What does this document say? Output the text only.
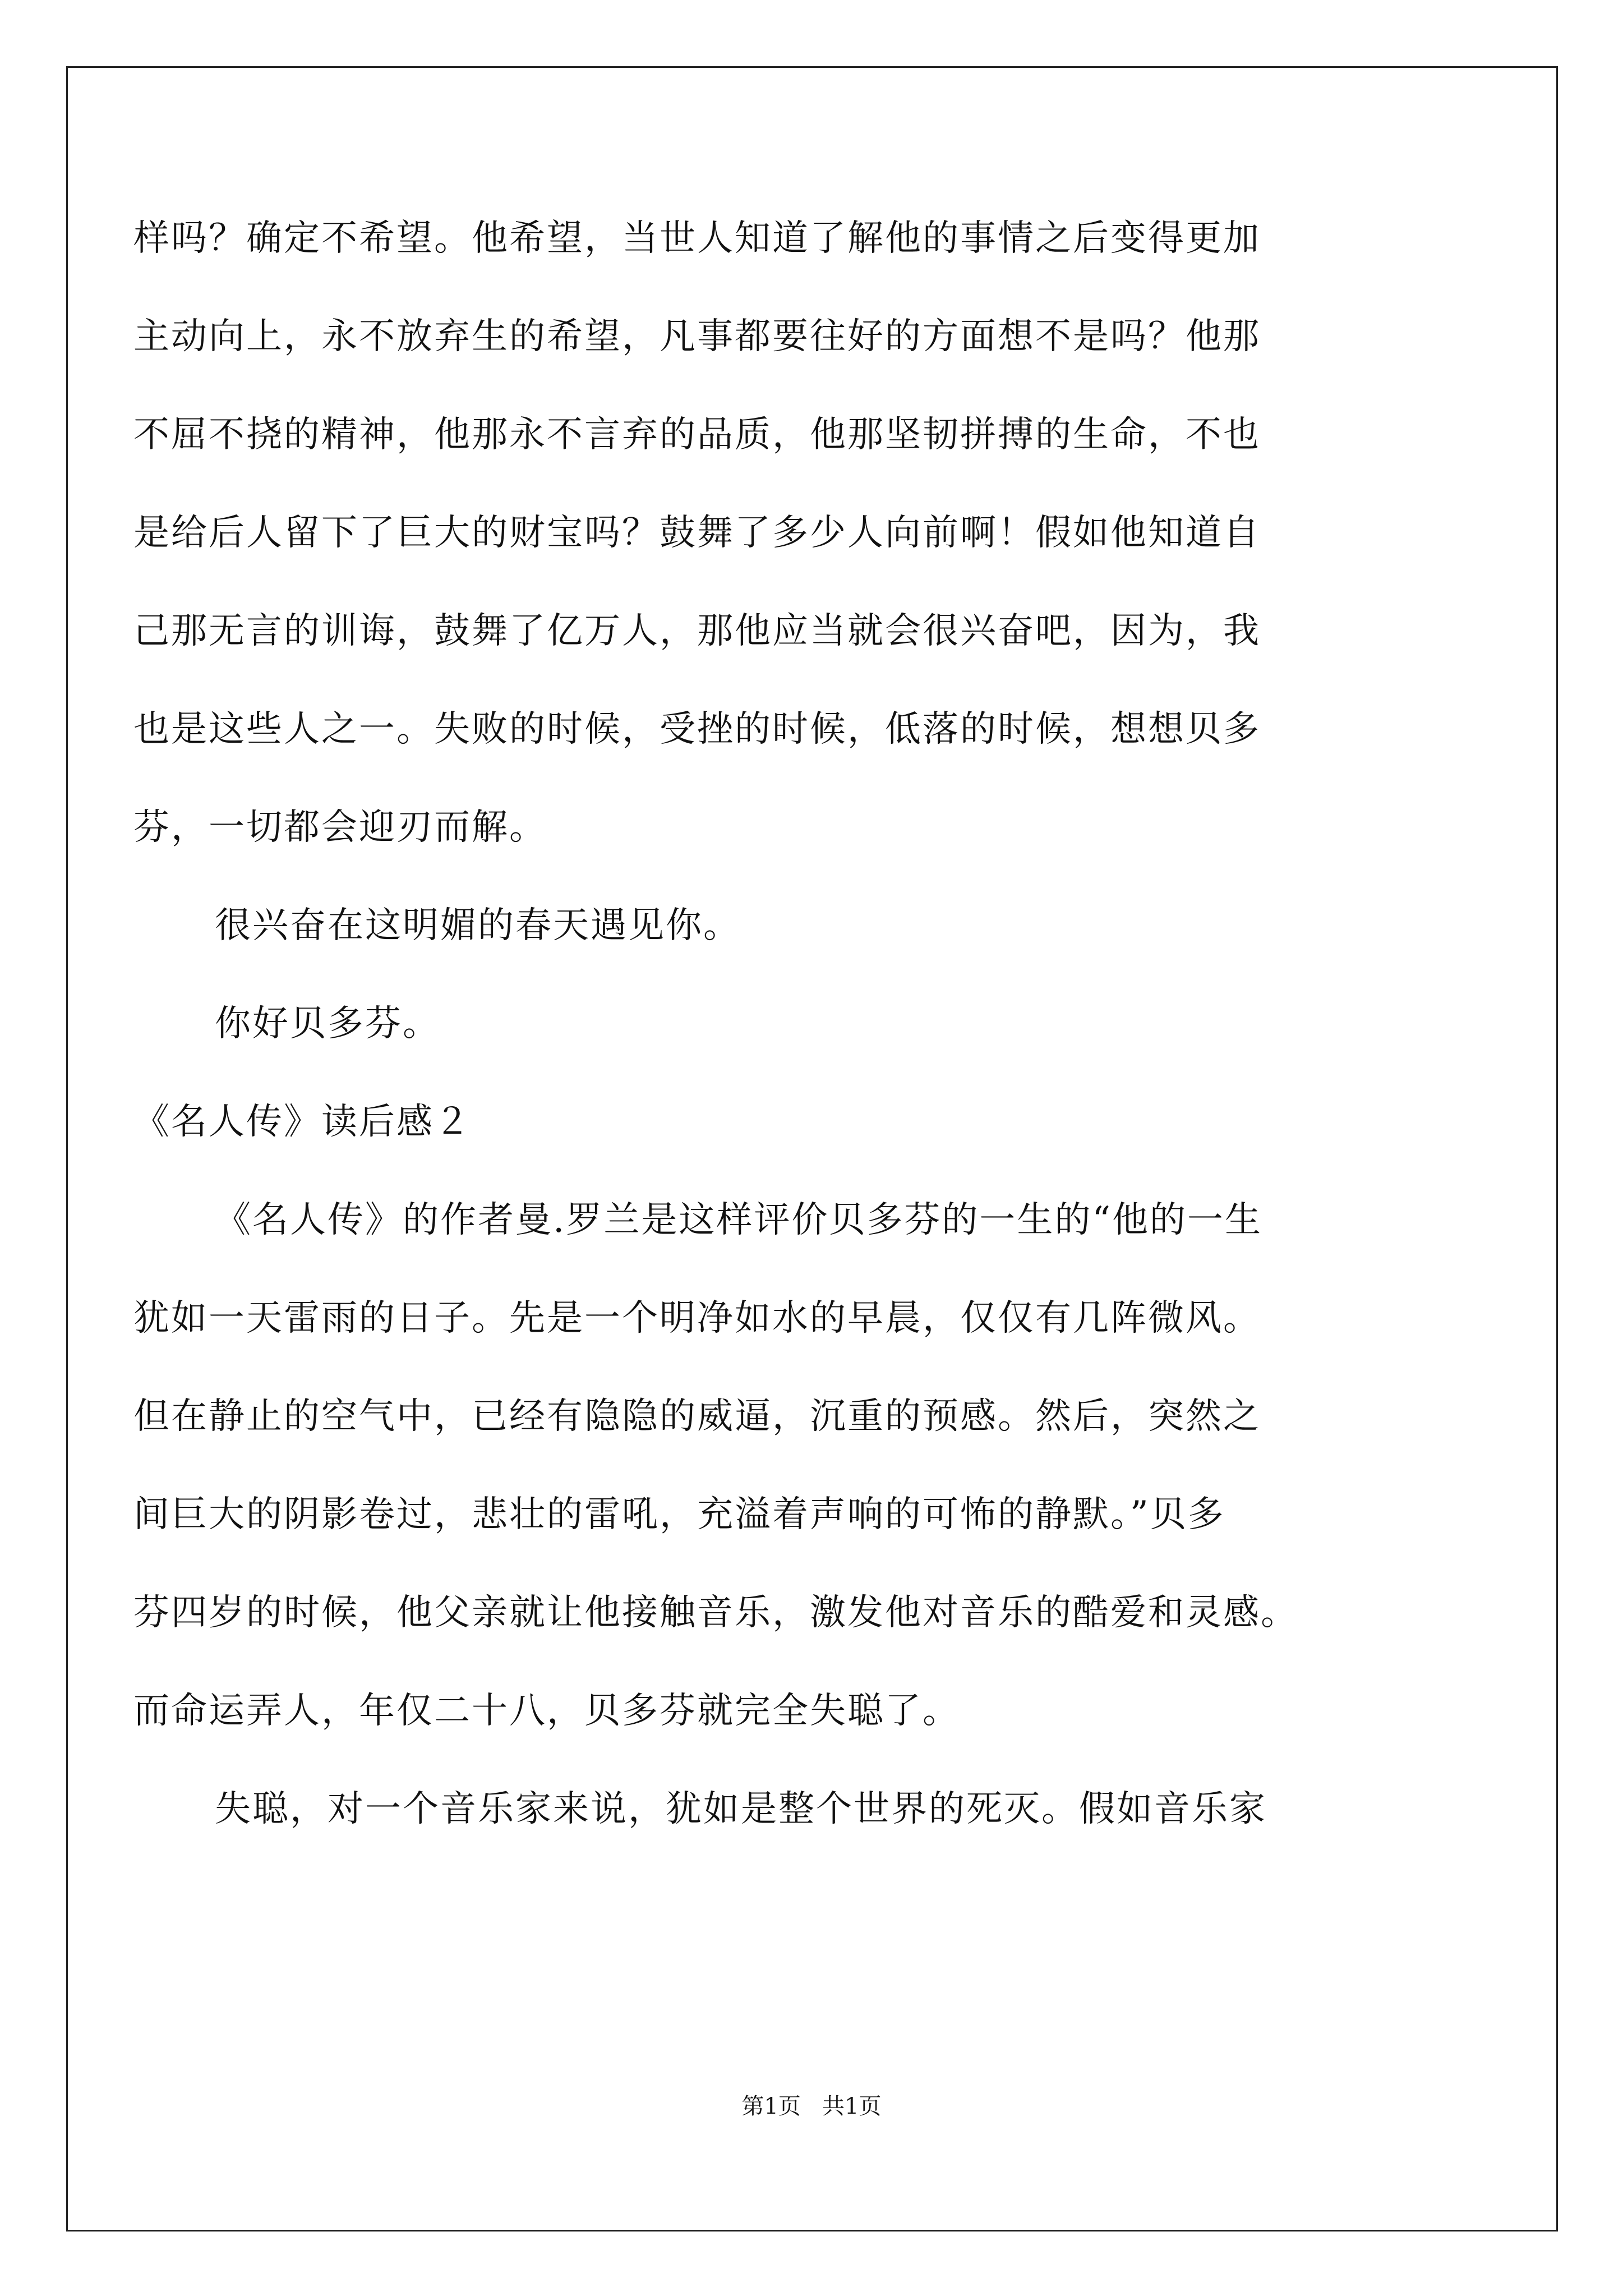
样吗？确定不希望。他希望，当世人知道了解他的事情之后变得更加
主动向上，永不放弃生的希望，凡事都要往好的方面想不是吗？他那
不屈不挠的精神，他那永不言弃的品质，他那坚韧拼搏的生命，不也
是给后人留下了巨大的财宝吗？鼓舞了多少人向前啊！假如他知道自
己那无言的训诲，鼓舞了亿万人，那他应当就会很兴奋吧，因为，我
也是这些人之一。失败的时候，受挫的时候，低落的时候，想想贝多
芬，一切都会迎刃而解。
很兴奋在这明媚的春天遇见你。
你好贝多芬。
《名人传》读后感２
《名人传》的作者曼.罗兰是这样评价贝多芬的一生的“他的一生
犹如一天雷雨的日子。先是一个明净如水的早晨，仅仅有几阵微风。
但在静止的空气中，已经有隐隐的威逼，沉重的预感。然后，突然之
间巨大的阴影卷过，悲壮的雷吼，充溢着声响的可怖的静默。”贝多
芬四岁的时候，他父亲就让他接触音乐，激发他对音乐的酷爱和灵感。
而命运弄人，年仅二十八，贝多芬就完全失聪了。
失聪，对一个音乐家来说，犹如是整个世界的死灭。假如音乐家
第1页   共1页
